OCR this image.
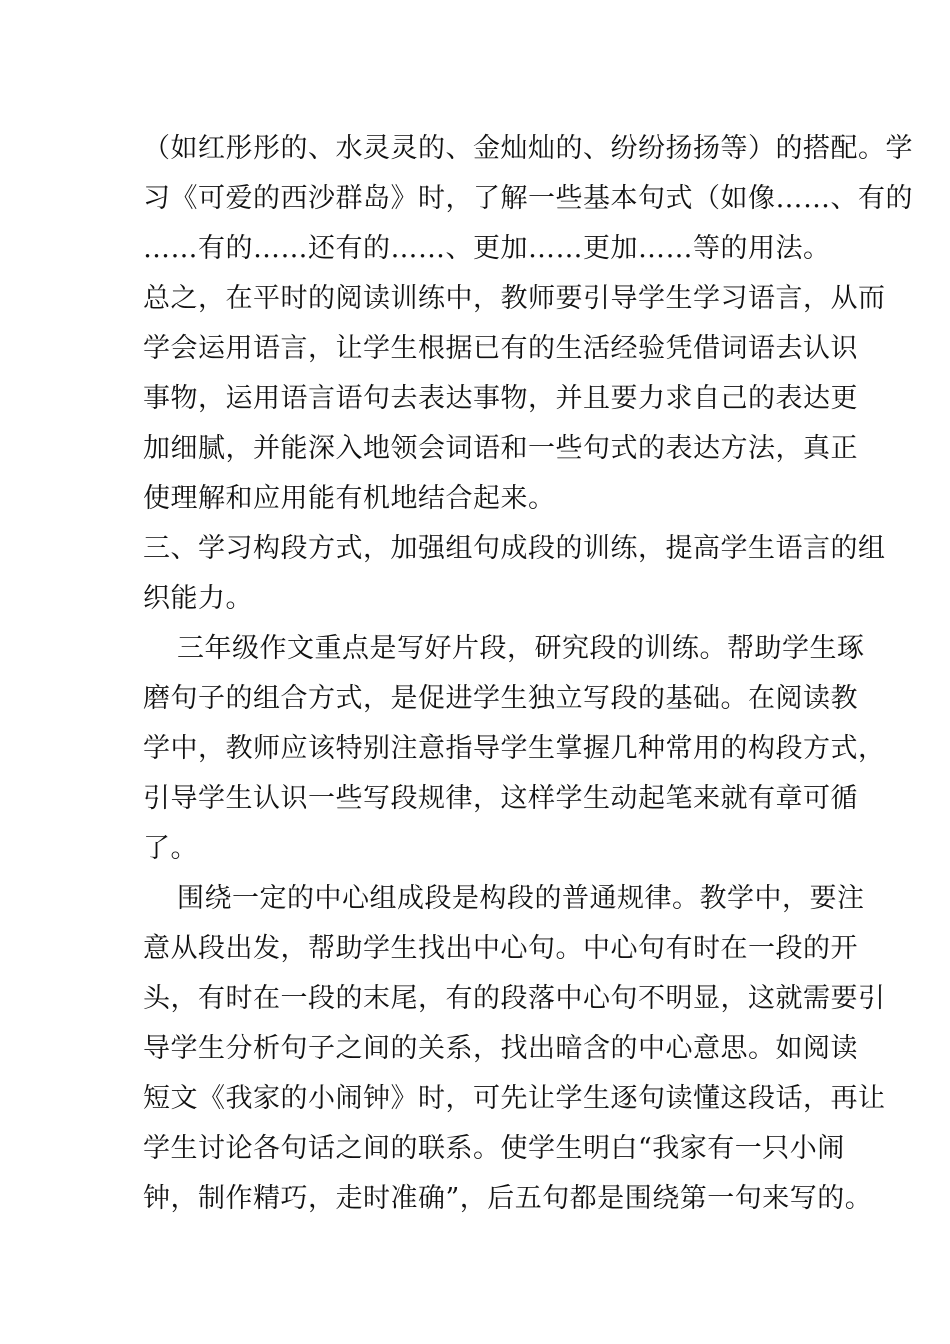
（如红彤彤的、水灵灵的、金灿灿的、纷纷扬扬等）的搭配。学
习《可爱的西沙群岛》时，了解一些基本句式（如像……、有的
……有的……还有的……、更加……更加……等的用法。
总之，在平时的阅读训练中，教师要引导学生学习语言，从而
学会运用语言，让学生根据已有的生活经验凭借词语去认识
事物，运用语言语句去表达事物，并且要力求自己的表达更
加细腻，并能深入地领会词语和一些句式的表达方法，真正
使理解和应用能有机地结合起来。
三、学习构段方式，加强组句成段的训练，提高学生语言的组
织能力。
三年级作文重点是写好片段，研究段的训练。帮助学生琢
磨句子的组合方式，是促进学生独立写段的基础。在阅读教
学中，教师应该特别注意指导学生掌握几种常用的构段方式，
引导学生认识一些写段规律，这样学生动起笔来就有章可循
了。
围绕一定的中心组成段是构段的普通规律。教学中，要注
意从段出发，帮助学生找出中心句。中心句有时在一段的开
头，有时在一段的末尾，有的段落中心句不明显，这就需要引
导学生分析句子之间的关系，找出暗含的中心意思。如阅读
短文《我家的小闹钟》时，可先让学生逐句读懂这段话，再让
学生讨论各句话之间的联系。使学生明白“我家有一只小闹
钟，制作精巧，走时准确”，后五句都是围绕第一句来写的。
